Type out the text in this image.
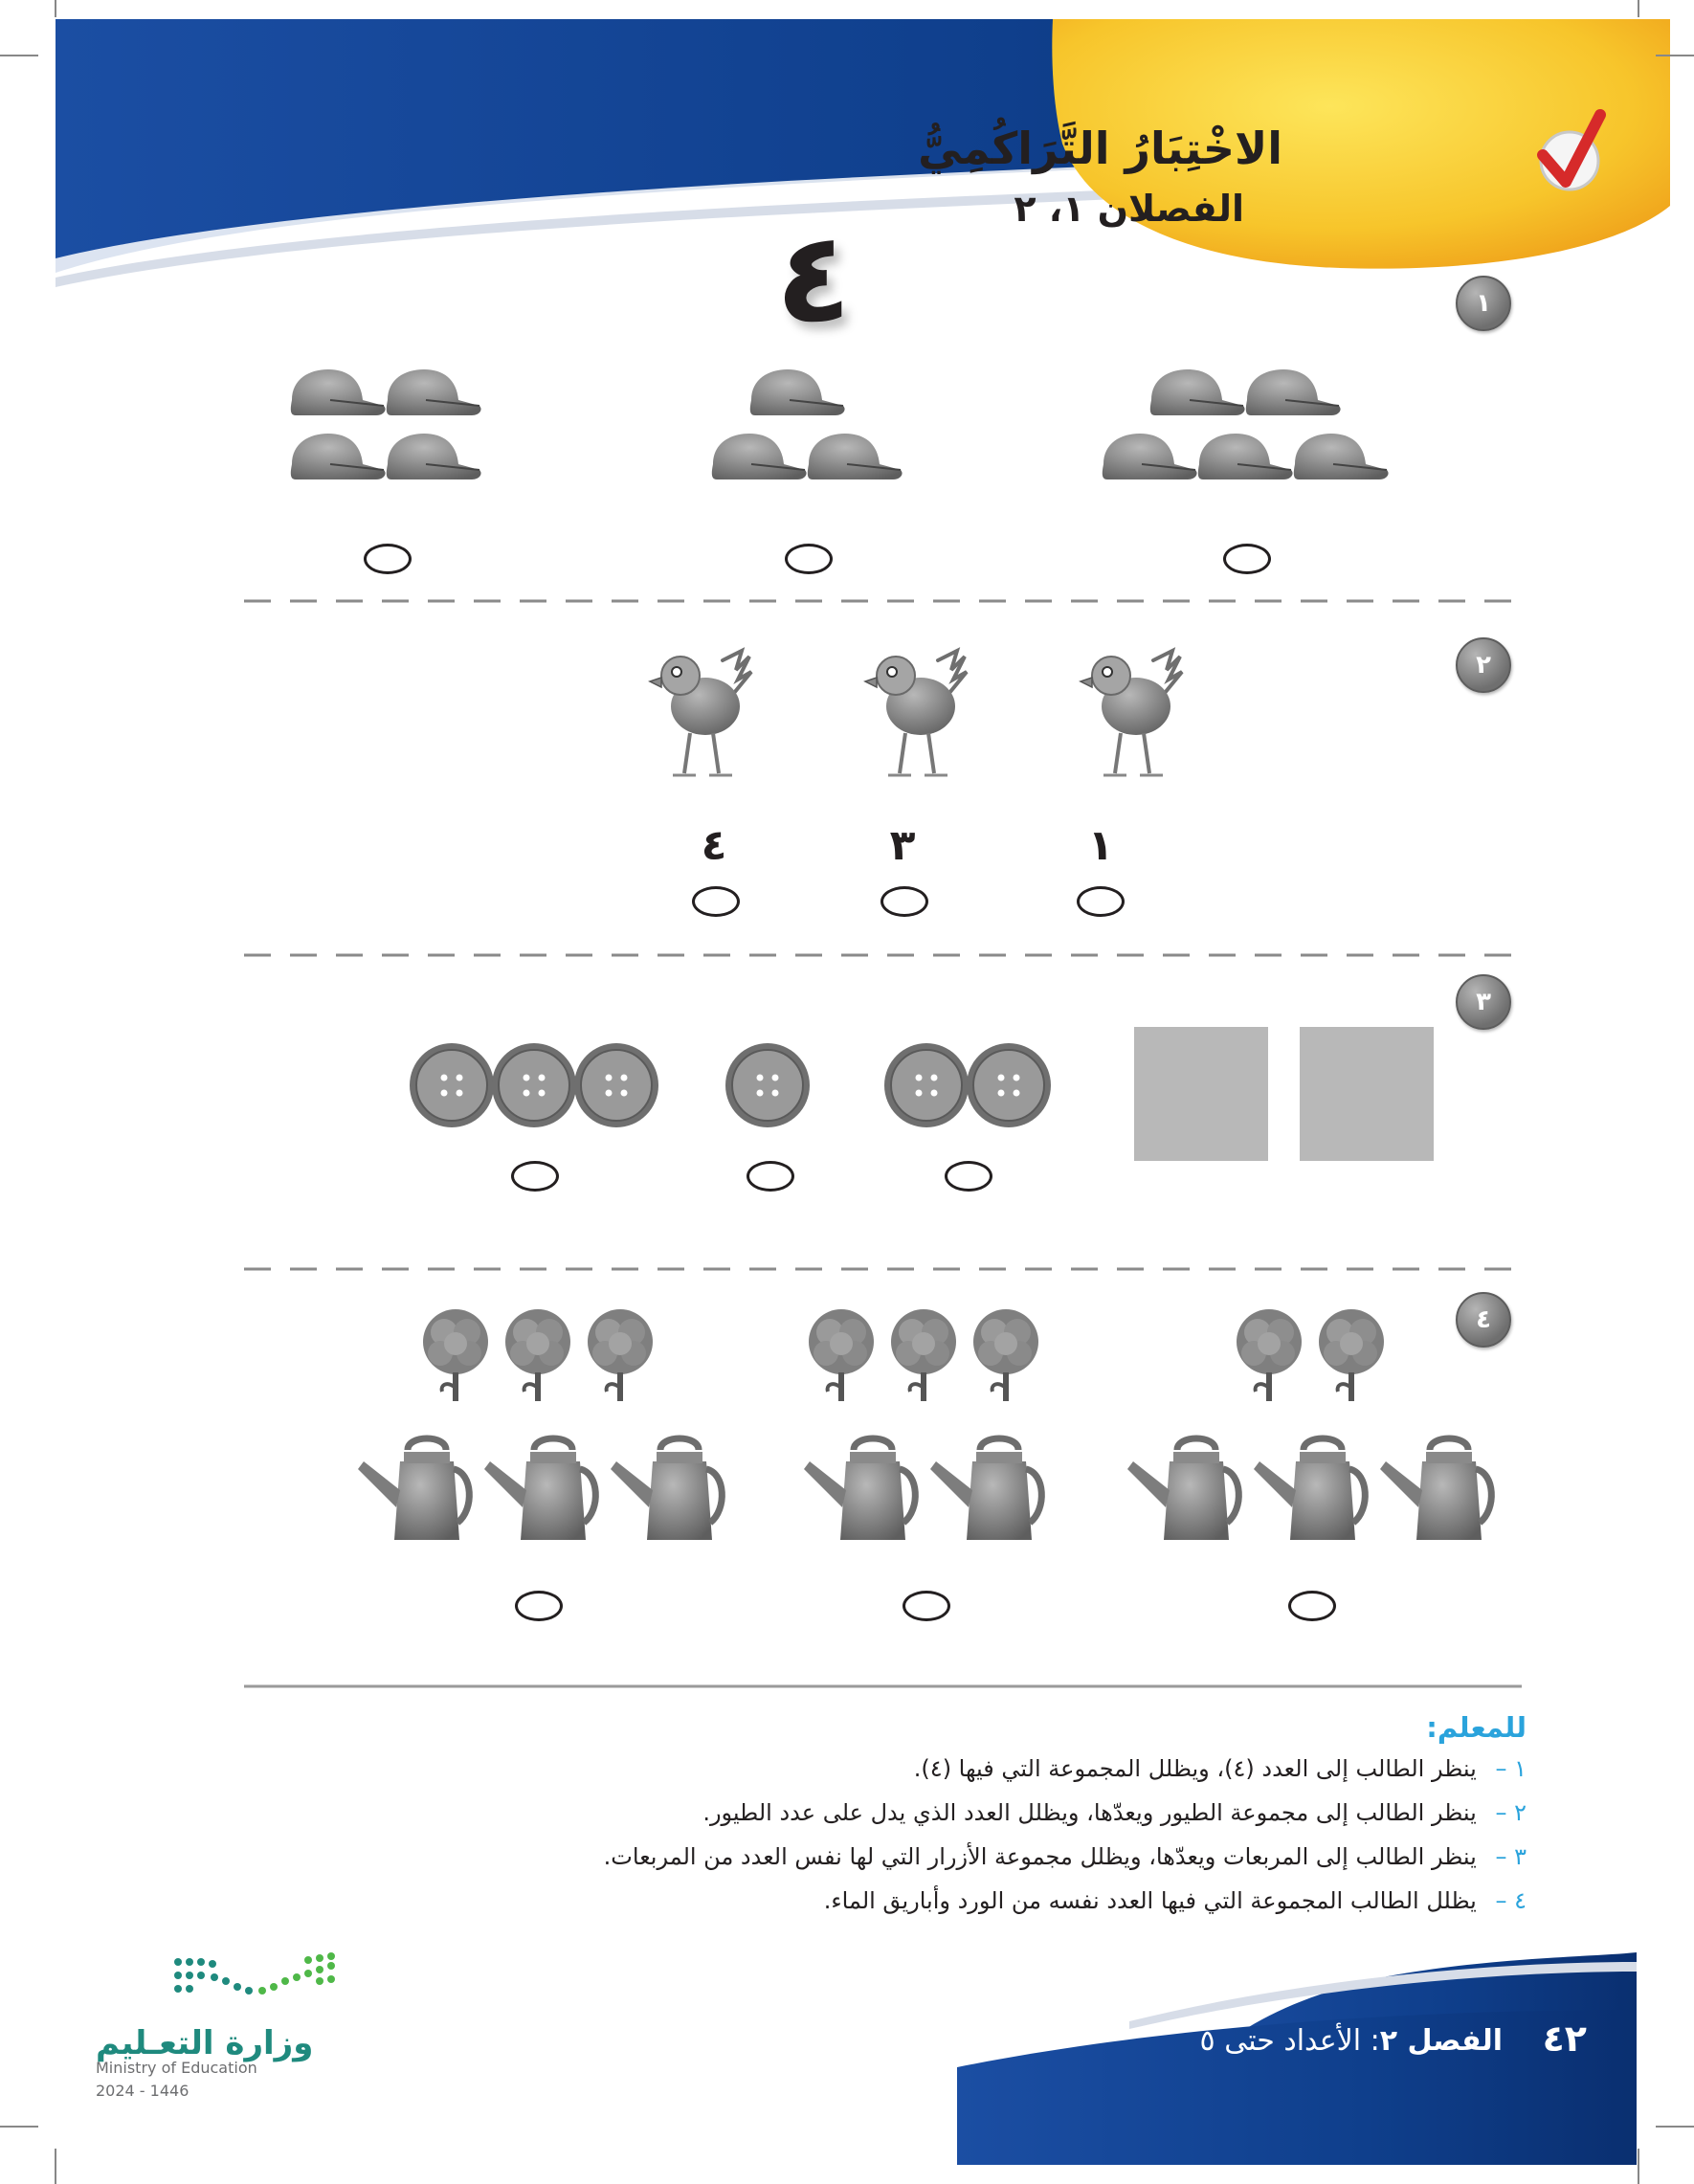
الاخْتِبَارُ التَّرَاكُمِيُّ
الفصلان ١، ٢
١
٤
٢
٤	٣	١
٣
٤
للمعلم:
١ – ينظر الطالب إلى العدد (٤)، ويظلل المجموعة التي فيها (٤).
٢ – ينظر الطالب إلى مجموعة الطيور ويعدّها، ويظلل العدد الذي يدل على عدد الطيور.
٣ – ينظر الطالب إلى المربعات ويعدّها، ويظلل مجموعة الأزرار التي لها نفس العدد من المربعات.
٤ – يظلل الطالب المجموعة التي فيها العدد نفسه من الورد وأباريق الماء.
٤٢
الفصل ٢: الأعداد حتى ٥
وزارة التعـليم
Ministry of Education
2024 - 1446
